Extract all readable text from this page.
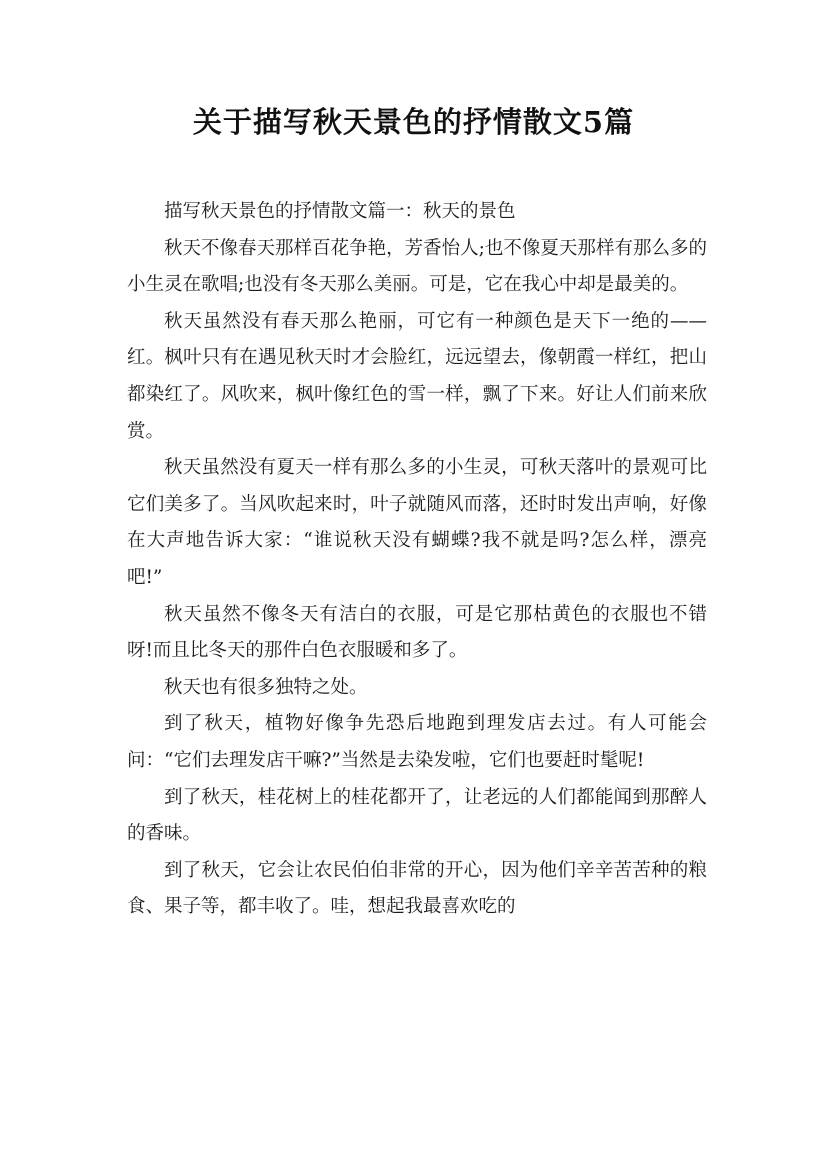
关于描写秋天景色的抒情散文5篇

描写秋天景色的抒情散文篇一：秋天的景色

秋天不像春天那样百花争艳，芳香怡人;也不像夏天那样有那么多的小生灵在歌唱;也没有冬天那么美丽。可是，它在我心中却是最美的。

秋天虽然没有春天那么艳丽，可它有一种颜色是天下一绝的——红。枫叶只有在遇见秋天时才会脸红，远远望去，像朝霞一样红，把山都染红了。风吹来，枫叶像红色的雪一样，飘了下来。好让人们前来欣赏。

秋天虽然没有夏天一样有那么多的小生灵，可秋天落叶的景观可比它们美多了。当风吹起来时，叶子就随风而落，还时时发出声响，好像在大声地告诉大家：“谁说秋天没有蝴蝶?我不就是吗?怎么样，漂亮吧!”

秋天虽然不像冬天有洁白的衣服，可是它那枯黄色的衣服也不错呀!而且比冬天的那件白色衣服暖和多了。

秋天也有很多独特之处。

到了秋天，植物好像争先恐后地跑到理发店去过。有人可能会问：“它们去理发店干嘛?”当然是去染发啦，它们也要赶时髦呢!

到了秋天，桂花树上的桂花都开了，让老远的人们都能闻到那醉人的香味。

到了秋天，它会让农民伯伯非常的开心，因为他们辛辛苦苦种的粮食、果子等，都丰收了。哇，想起我最喜欢吃的
